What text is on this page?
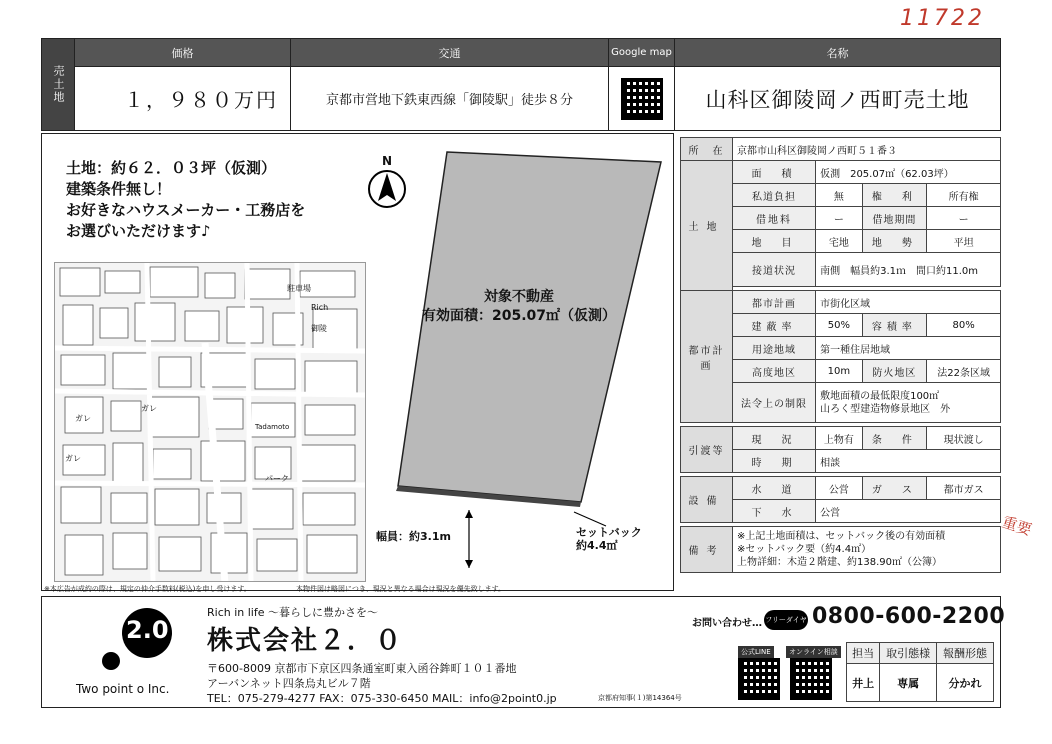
11722
重要
売土地	価格	交通	Google map	名称
	１，９８０万円	京都市営地下鉄東西線「御陵駅」徒歩８分		山科区御陵岡ノ西町売土地
土地：約６２．０３坪（仮測）
建築条件無し！
お好きなハウスメーカー・工務店を
お選びいただけます♪
N
Rich
駐車場
ガレ
ガレ
ガレ
御陵
Tadamoto
パーク
対象不動産
有効面積：205.07㎡（仮測）
幅員：約3.1m	セットバック
約4.4㎡
所　在	京都市山科区御陵岡ノ西町５１番３			
土地	面　積	仮測　205.07㎡（62.03坪）		
	私道負担	無	権　利	所有権
	借地料	ー	借地期間	ー
	地　目	宅地	地　勢	平坦
	接道状況	南側　幅員約3.1ｍ　間口約11.0m		

都市計画	都市計画	市街化区域		
	建蔽率	50%	容積率	80%
	用途地域	第一種住居地域		
	高度地区	10m	防火地区	法22条区域
	法令上の制限	敷地面積の最低限度100㎡
山ろく型建造物修景地区　外		

引渡等	現　況	上物有	条　件	現状渡し
	時　期	相談		

設備	水　道	公営	ガ　ス	都市ガス
	下　水	公営		

備考	※上記土地面積は、セットバック後の有効面積
※セットバック要（約4.4㎡）
上物詳細：木造２階建、約138.90㎡（公簿）			
※本広告が成約の際は、規定の仲介手数料(税込)を申し受けます。	本物件図は略図につき、現況と異なる場合は現況を優先致します。
2.0
Two point o Inc.
Rich in life ～暮らしに豊かさを～
株式会社２．０
〒600-8009 京都市下京区四条通室町東入函谷鉾町１０１番地
アーバンネット四条烏丸ビル７階
TEL：075-279-4277 FAX：075-330-6450 MAIL：info@2point0.jp	京都府知事(１)第14364号
お問い合わせ… フリーダイヤル
0800-600-2200
公式LINE	オンライン相談 担当	取引態様	報酬形態
井上	専属	分かれ
